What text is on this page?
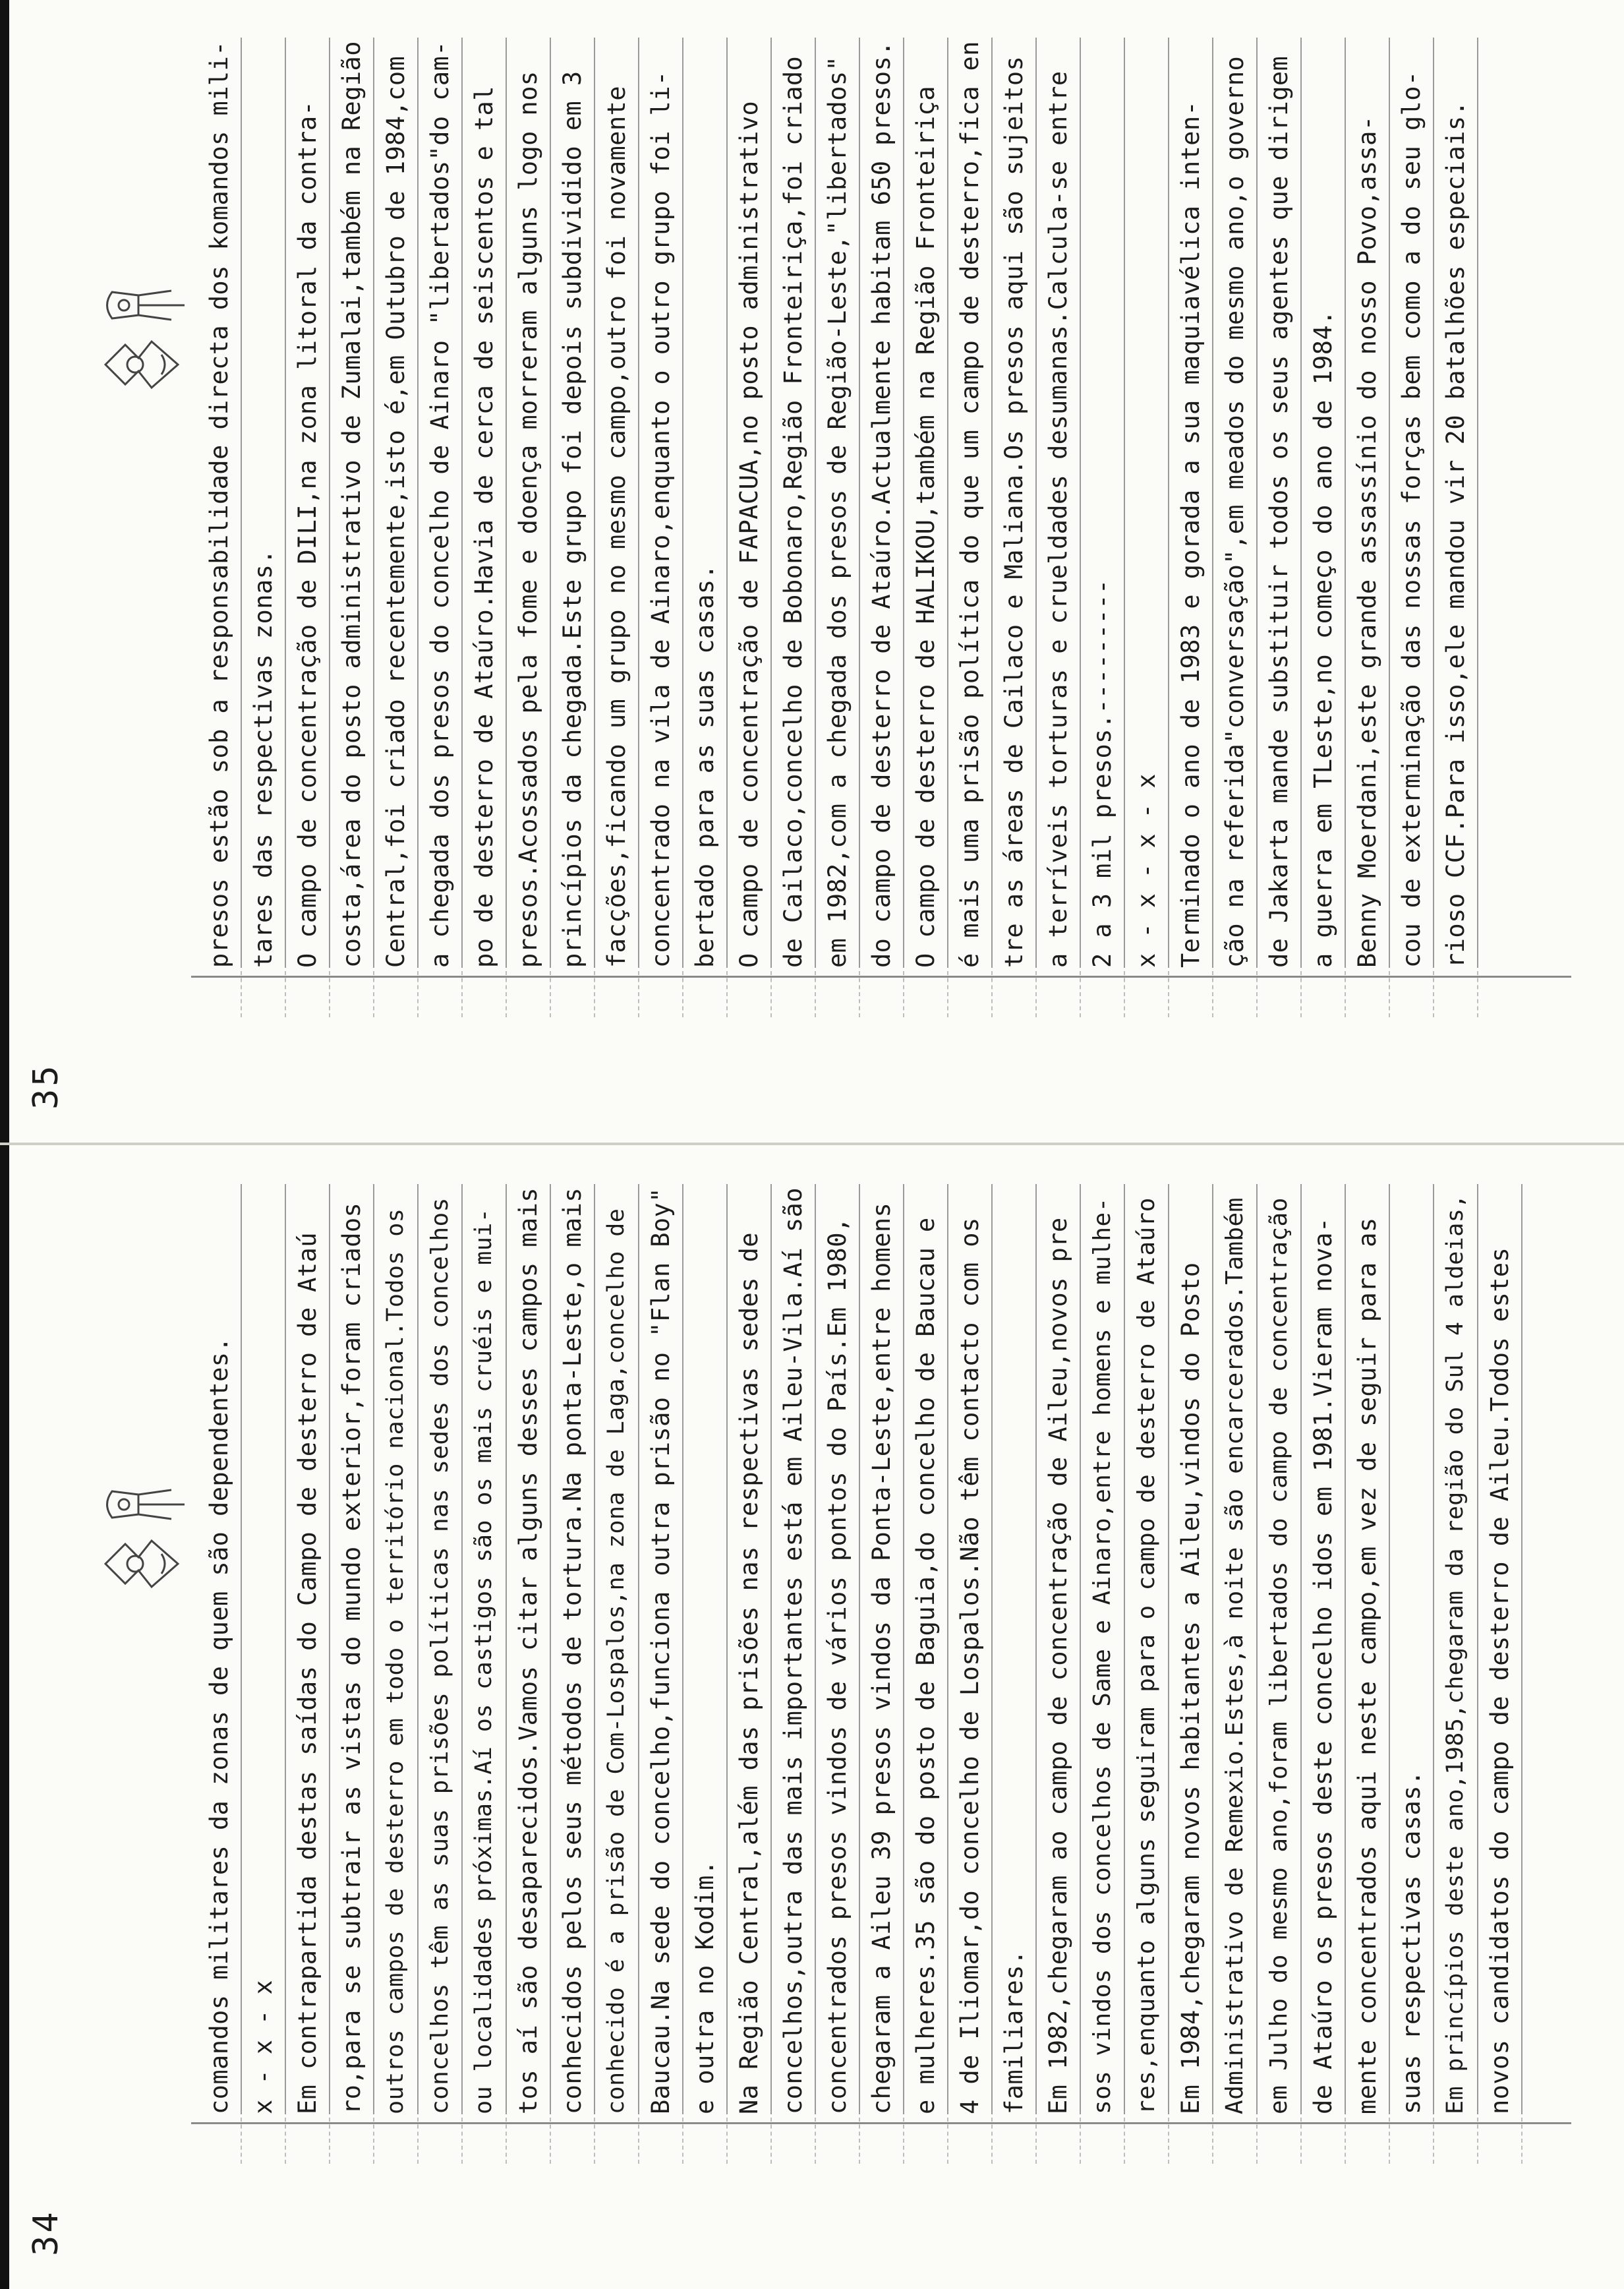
34
comandos militares da zonas de quem são dependentes. x - x - x Em contrapartida destas saídas do Campo de desterro de Ataú ro,para se subtrair as vistas do mundo exterior,foram criados outros campos de desterro em todo o território nacional.Todos os concelhos têm as suas prisões políticas nas sedes dos concelhos ou localidades próximas.Aí os castigos são os mais cruéis e mui- tos aí são desaparecidos.Vamos citar alguns desses campos mais conhecidos pelos seus métodos de tortura.Na ponta-Leste,o mais conhecido é a prisão de Com-Lospalos,na zona de Laga,concelho de Baucau.Na sede do concelho,funciona outra prisão no "Flan Boy" e outra no Kodim. Na Região Central,além das prisões nas respectivas sedes de concelhos,outra das mais importantes está em Aileu-Vila.Aí são concentrados presos vindos de vários pontos do País.Em 1980, chegaram a Aileu 39 presos vindos da Ponta-Leste,entre homens e mulheres.35 são do posto de Baguia,do concelho de Baucau e 4 de Iliomar,do concelho de Lospalos.Não têm contacto com os familiares. Em 1982,chegaram ao campo de concentração de Aileu,novos pre sos vindos dos concelhos de Same e Ainaro,entre homens e mulhe- res,enquanto alguns seguiram para o campo de desterro de Ataúro Em 1984,chegaram novos habitantes a Aileu,vindos do Posto Administrativo de Remexio.Estes,à noite são encarcerados.Também em Julho do mesmo ano,foram libertados do campo de concentração de Ataúro os presos deste concelho idos em 1981.Vieram nova- mente concentrados aqui neste campo,em vez de seguir para as suas respectivas casas. Em princípios deste ano,1985,chegaram da região do Sul 4 aldeias, novos candidatos do campo de desterro de Aileu.Todos estes
35
presos estão sob a responsabilidade directa dos komandos mili- tares das respectivas zonas. O campo de concentração de DILI,na zona litoral da contra- costa,área do posto administrativo de Zumalai,também na Região Central,foi criado recentemente,isto é,em Outubro de 1984,com a chegada dos presos do concelho de Ainaro "libertados"do cam- po de desterro de Ataúro.Havia de cerca de seiscentos e tal presos.Acossados pela fome e doença morreram alguns logo nos princípios da chegada.Este grupo foi depois subdividido em 3 facções,ficando um grupo no mesmo campo,outro foi novamente concentrado na vila de Ainaro,enquanto o outro grupo foi li- bertado para as suas casas. O campo de concentração de FAPACUA,no posto administrativo de Cailaco,concelho de Bobonaro,Região Fronteiriça,foi criado em 1982,com a chegada dos presos de Região-Leste,"libertados" do campo de desterro de Ataúro.Actualmente habitam 650 presos. O campo de desterro de HALIKOU,também na Região Fronteiriça é mais uma prisão política do que um campo de desterro,fica en tre as áreas de Cailaco e Maliana.Os presos aqui são sujeitos a terríveis torturas e crueldades desumanas.Calcula-se entre 2 a 3 mil presos.--------- x - x - x - x Terminado o ano de 1983 e gorada a sua maquiavélica inten- ção na referida"conversação",em meados do mesmo ano,o governo de Jakarta mande substituir todos os seus agentes que dirigem a guerra em TLeste,no começo do ano de 1984. Benny Moerdani,este grande assassínio do nosso Povo,assa- cou de exterminação das nossas forças bem como a do seu glo- rioso CCF.Para isso,ele mandou vir 20 batalhões especiais.
